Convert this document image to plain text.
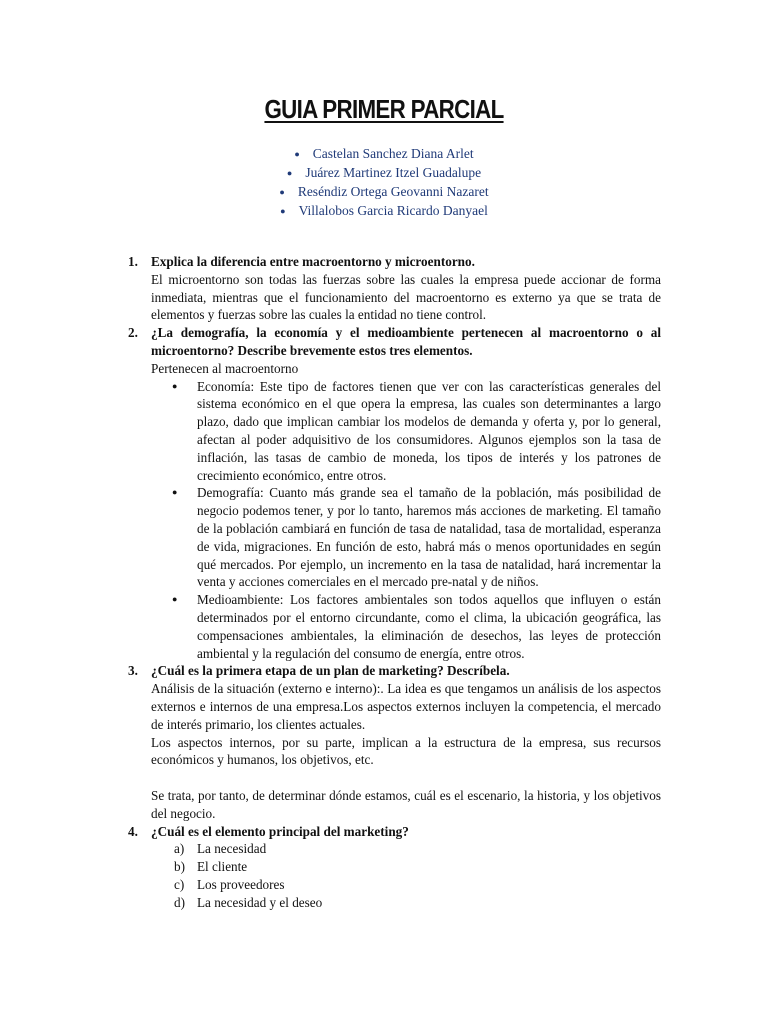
GUIA PRIMER PARCIAL
● Castelan Sanchez Diana Arlet
● Juárez Martinez Itzel Guadalupe
● Reséndiz Ortega Geovanni Nazaret
● Villalobos Garcia Ricardo Danyael
1. Explica la diferencia entre macroentorno y microentorno.
El microentorno son todas las fuerzas sobre las cuales la empresa puede accionar de forma inmediata, mientras que el funcionamiento del macroentorno es externo ya que se trata de elementos y fuerzas sobre las cuales la entidad no tiene control.
2. ¿La demografía, la economía y el medioambiente pertenecen al macroentorno o al microentorno? Describe brevemente estos tres elementos.
Pertenecen al macroentorno
●	Economía: Este tipo de factores tienen que ver con las características generales del sistema económico en el que opera la empresa, las cuales son determinantes a largo plazo, dado que implican cambiar los modelos de demanda y oferta y, por lo general, afectan al poder adquisitivo de los consumidores. Algunos ejemplos son la tasa de inflación, las tasas de cambio de moneda, los tipos de interés y los patrones de crecimiento económico, entre otros.
●	Demografía: Cuanto más grande sea el tamaño de la población, más posibilidad de negocio podemos tener, y por lo tanto, haremos más acciones de marketing. El tamaño de la población cambiará en función de tasa de natalidad, tasa de mortalidad, esperanza de vida, migraciones. En función de esto, habrá más o menos oportunidades en según qué mercados. Por ejemplo, un incremento en la tasa de natalidad, hará incrementar la venta y acciones comerciales en el mercado pre-natal y de niños.
●	Medioambiente: Los factores ambientales son todos aquellos que influyen o están determinados por el entorno circundante, como el clima, la ubicación geográfica, las compensaciones ambientales, la eliminación de desechos, las leyes de protección ambiental y la regulación del consumo de energía, entre otros.
3. ¿Cuál es la primera etapa de un plan de marketing? Descríbela.
Análisis de la situación (externo e interno):. La idea es que tengamos un análisis de los aspectos externos e internos de una empresa.Los aspectos externos incluyen la competencia, el mercado de interés primario, los clientes actuales.
Los aspectos internos, por su parte, implican a la estructura de la empresa, sus recursos económicos y humanos, los objetivos, etc.
Se trata, por tanto, de determinar dónde estamos, cuál es el escenario, la historia, y los objetivos del negocio.
4. ¿Cuál es el elemento principal del marketing?
a) La necesidad
b) El cliente
c) Los proveedores
d) La necesidad y el deseo
